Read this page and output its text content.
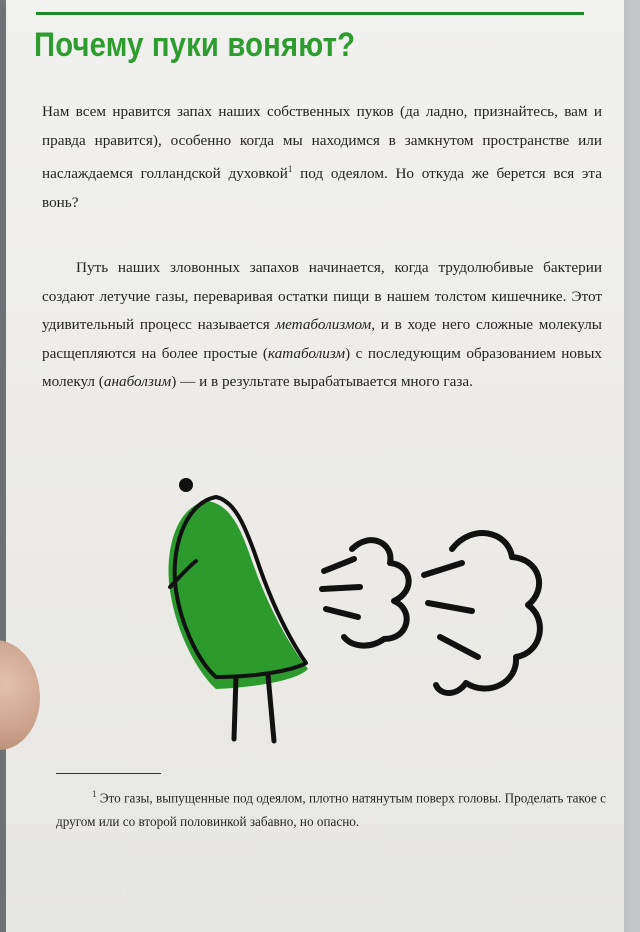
Почему пуки воняют?

Нам всем нравится запах наших собственных пуков (да ладно, признайтесь, вам и правда нравится), особенно когда мы находимся в замкнутом пространстве или наслаждаемся голландской духовкой$^1$ под одеялом. Но откуда же берется вся эта вонь?

Путь наших зловонных запахов начинается, когда трудолюбивые бактерии создают летучие газы, переваривая остатки пищи в нашем толстом кишечнике. Этот удивительный процесс называется метаболизмом, и в ходе него сложные молекулы расщепляются на более простые (катаболизм) с последующим образованием новых молекул (анаболзим) — и в результате вырабатывается много газа.

$^1$ Это газы, выпущенные под одеялом, плотно натянутым поверх головы. Проделать такое с другом или со второй половинкой забавно, но опасно.
